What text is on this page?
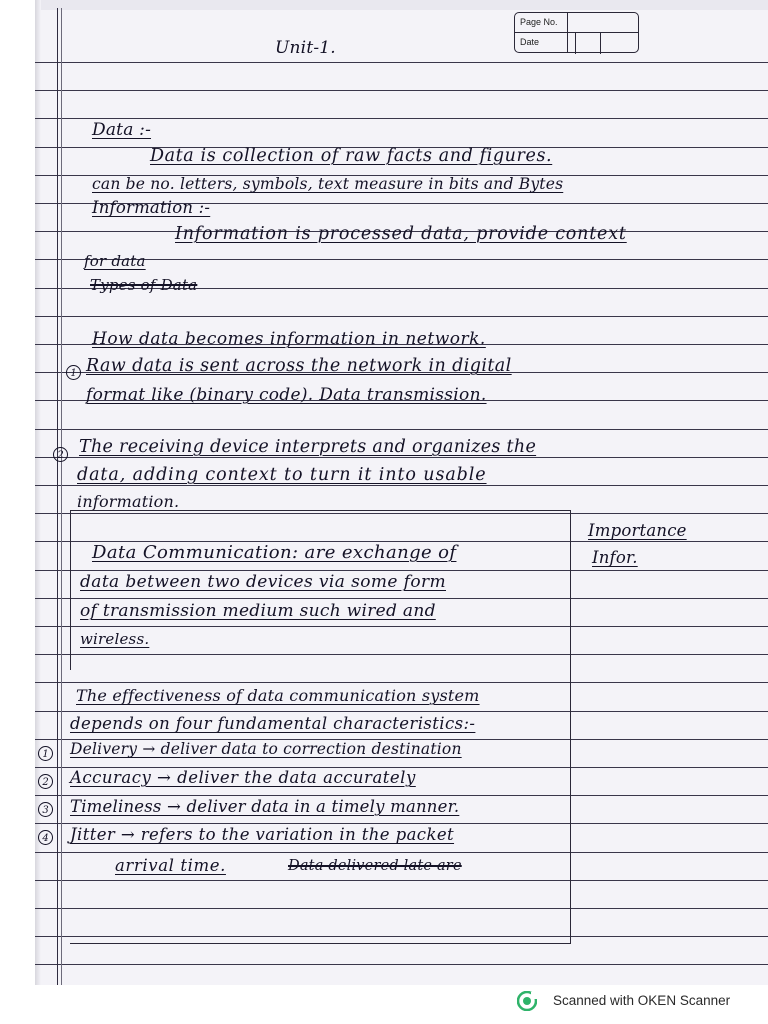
Page No.
Date
Unit-1.
Data :-
Data is collection of raw facts and figures.
can be no. letters, symbols, text measure in bits and Bytes
Information :-
Information is processed data, provide context
for data
Types of Data
How data becomes information in network.
1 Raw data is sent across the network in digital
format like (binary code). Data transmission.
2 The receiving device interprets and organizes the
data, adding context to turn it into usable
information.
Importance
Infor.
Data Communication: are exchange of
data between two devices via some form
of transmission medium such wired and
wireless.
The effectiveness of data communication system
depends on four fundamental characteristics:-
1 Delivery → deliver data to correction destination
2 Accuracy → deliver the data accurately
3 Timeliness → deliver data in a timely manner.
4 Jitter → refers to the variation in the packet
arrival time.	Data delivered late are
Scanned with OKEN Scanner
